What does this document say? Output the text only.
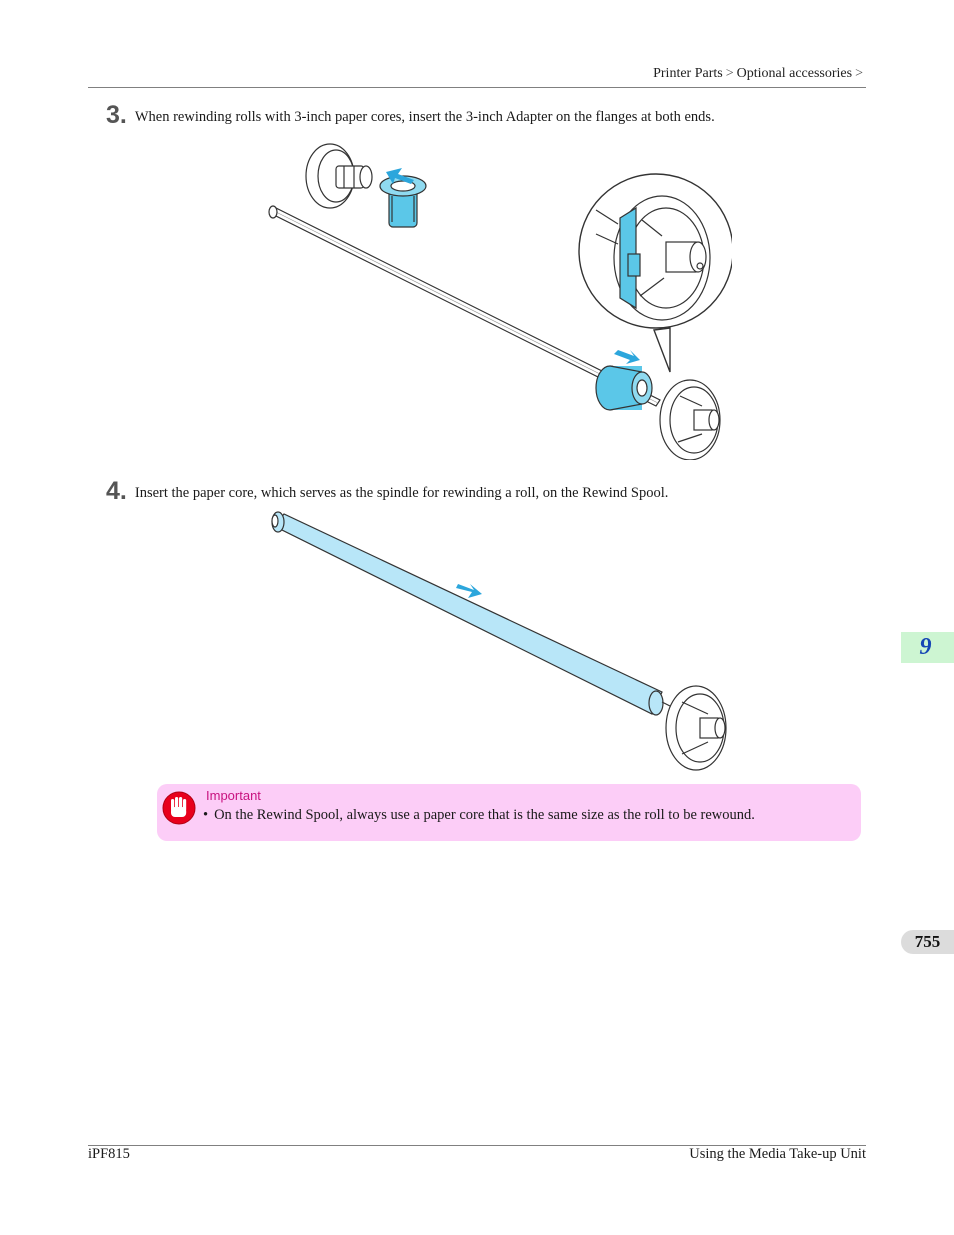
Printer Parts > Optional accessories >
3. When rewinding rolls with 3-inch paper cores, insert the 3-inch Adapter on the flanges at both ends.
4. Insert the paper core, which serves as the spindle for rewinding a roll, on the Rewind Spool.
Important
• On the Rewind Spool, always use a paper core that is the same size as the roll to be rewound.
9
755
iPF815	Using the Media Take-up Unit
